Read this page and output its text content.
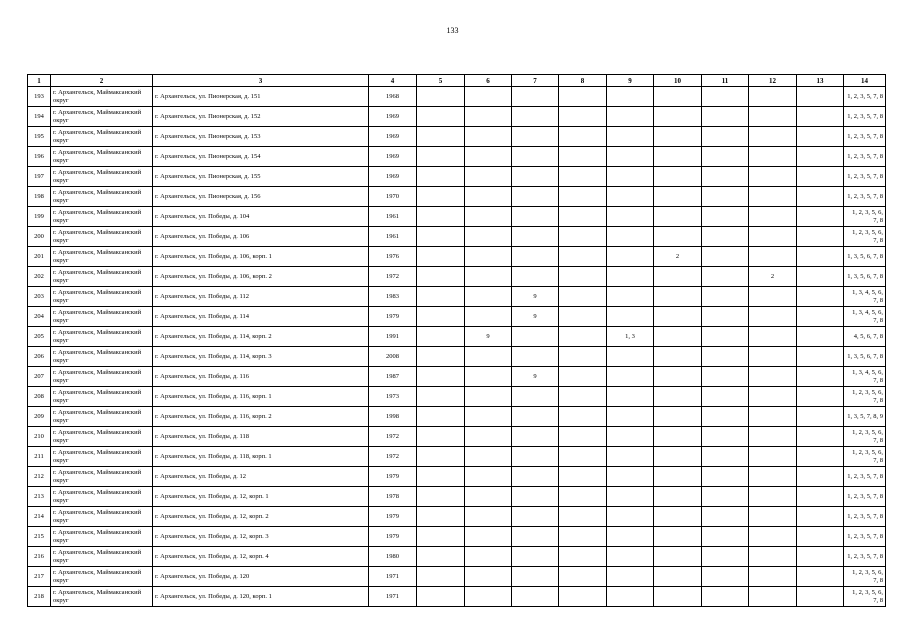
133
1	2	3	4	5	6	7	8	9	10	11	12	13	14
193	г. Архангельск, Маймаксанский округ	г. Архангельск, ул. Пионерская, д. 151	1968										1, 2, 3, 5, 7, 8
194	г. Архангельск, Маймаксанский округ	г. Архангельск, ул. Пионерская, д. 152	1969										1, 2, 3, 5, 7, 8
195	г. Архангельск, Маймаксанский округ	г. Архангельск, ул. Пионерская, д. 153	1969										1, 2, 3, 5, 7, 8
196	г. Архангельск, Маймаксанский округ	г. Архангельск, ул. Пионерская, д. 154	1969										1, 2, 3, 5, 7, 8
197	г. Архангельск, Маймаксанский округ	г. Архангельск, ул. Пионерская, д. 155	1969										1, 2, 3, 5, 7, 8
198	г. Архангельск, Маймаксанский округ	г. Архангельск, ул. Пионерская, д. 156	1970										1, 2, 3, 5, 7, 8
199	г. Архангельск, Маймаксанский округ	г. Архангельск, ул. Победы, д. 104	1961										1, 2, 3, 5, 6, 7, 8
200	г. Архангельск, Маймаксанский округ	г. Архангельск, ул. Победы, д. 106	1961										1, 2, 3, 5, 6, 7, 8
201	г. Архангельск, Маймаксанский округ	г. Архангельск, ул. Победы, д. 106, корп. 1	1976						2				1, 3, 5, 6, 7, 8
202	г. Архангельск, Маймаксанский округ	г. Архангельск, ул. Победы, д. 106, корп. 2	1972								2		1, 3, 5, 6, 7, 8
203	г. Архангельск, Маймаксанский округ	г. Архангельск, ул. Победы, д. 112	1983			9							1, 3, 4, 5, 6, 7, 8
204	г. Архангельск, Маймаксанский округ	г. Архангельск, ул. Победы, д. 114	1979			9							1, 3, 4, 5, 6, 7, 8
205	г. Архангельск, Маймаксанский округ	г. Архангельск, ул. Победы, д. 114, корп. 2	1991		9			1, 3					4, 5, 6, 7, 8
206	г. Архангельск, Маймаксанский округ	г. Архангельск, ул. Победы, д. 114, корп. 3	2008										1, 3, 5, 6, 7, 8
207	г. Архангельск, Маймаксанский округ	г. Архангельск, ул. Победы, д. 116	1987			9							1, 3, 4, 5, 6, 7, 8
208	г. Архангельск, Маймаксанский округ	г. Архангельск, ул. Победы, д. 116, корп. 1	1973										1, 2, 3, 5, 6, 7, 8
209	г. Архангельск, Маймаксанский округ	г. Архангельск, ул. Победы, д. 116, корп. 2	1998										1, 3, 5, 7, 8, 9
210	г. Архангельск, Маймаксанский округ	г. Архангельск, ул. Победы, д. 118	1972										1, 2, 3, 5, 6, 7, 8
211	г. Архангельск, Маймаксанский округ	г. Архангельск, ул. Победы, д. 118, корп. 1	1972										1, 2, 3, 5, 6, 7, 8
212	г. Архангельск, Маймаксанский округ	г. Архангельск, ул. Победы, д. 12	1979										1, 2, 3, 5, 7, 8
213	г. Архангельск, Маймаксанский округ	г. Архангельск, ул. Победы, д. 12, корп. 1	1978										1, 2, 3, 5, 7, 8
214	г. Архангельск, Маймаксанский округ	г. Архангельск, ул. Победы, д. 12, корп. 2	1979										1, 2, 3, 5, 7, 8
215	г. Архангельск, Маймаксанский округ	г. Архангельск, ул. Победы, д. 12, корп. 3	1979										1, 2, 3, 5, 7, 8
216	г. Архангельск, Маймаксанский округ	г. Архангельск, ул. Победы, д. 12, корп. 4	1980										1, 2, 3, 5, 7, 8
217	г. Архангельск, Маймаксанский округ	г. Архангельск, ул. Победы, д. 120	1971										1, 2, 3, 5, 6, 7, 8
218	г. Архангельск, Маймаксанский округ	г. Архангельск, ул. Победы, д. 120, корп. 1	1971										1, 2, 3, 5, 6, 7, 8
